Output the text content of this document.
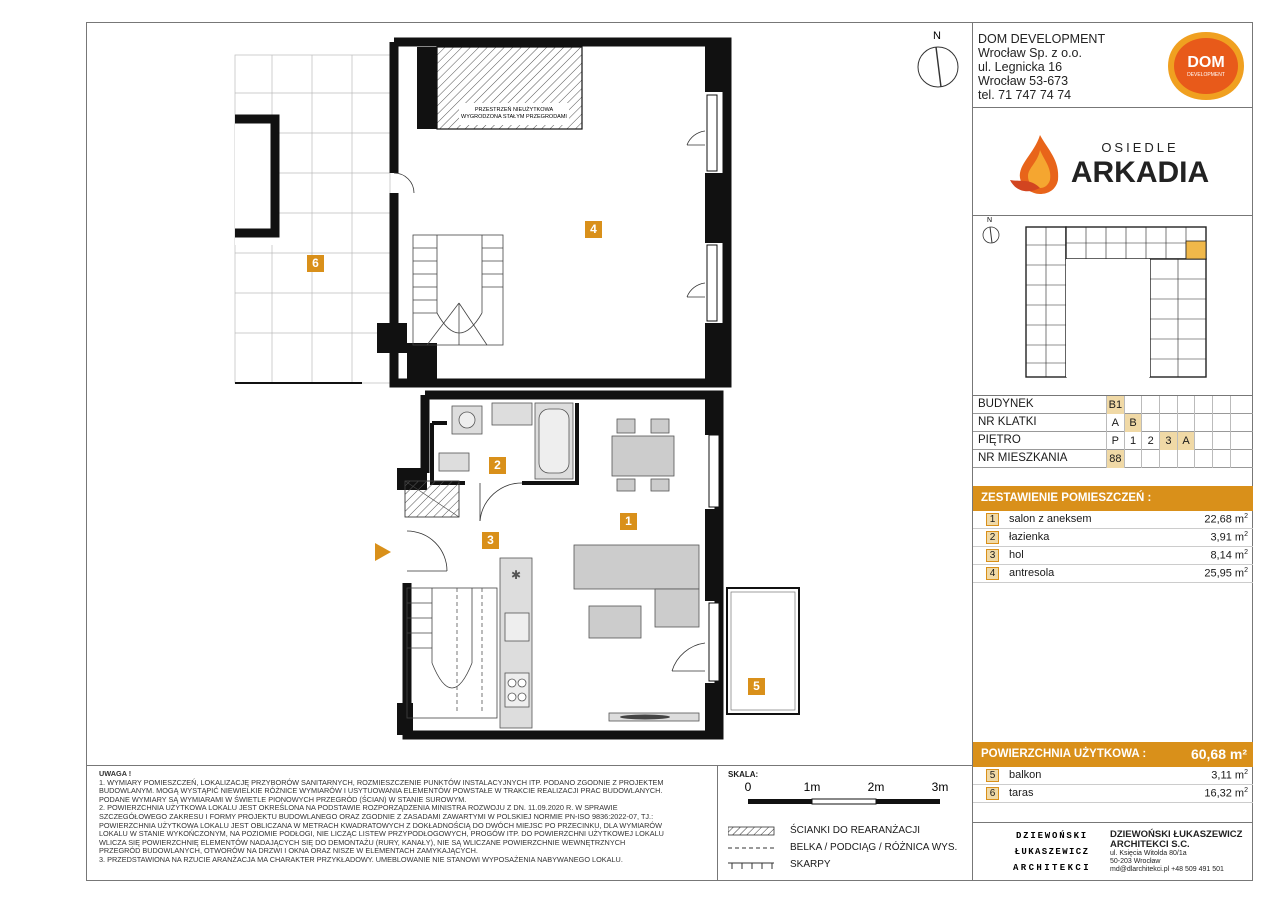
PRZESTRZEŃ NIEUŻYTKOWA
WYGRODZONA STAŁYM PRZEGRODAMI
✱
N
1
2
3
4
5
6
DOM DEVELOPMENT
Wrocław Sp. z o.o.
ul. Legnicka 16
Wrocław 53-673
tel. 71 747 74 74
DOM
DEVELOPMENT
OSIEDLE
ARKADIA
N
BUDYNEK	B1
NR KLATKI	A B
PIĘTRO	P 1	2	3 A
NR MIESZKANIA	88
ZESTAWIENIE POMIESZCZEŃ :
1	salon z aneksem	22,68 $m^2$
2	łazienka	3,91 $m^2$
3	hol	8,14 $m^2$
4	antresola	25,95 $m^2$
POWIERZCHNIA UŻYTKOWA :	60,68 m²
5	balkon	3,11 $m^2$
6	taras	16,32 $m^2$
UWAGA !
1. WYMIARY POMIESZCZEŃ, LOKALIZACJĘ PRZYBORÓW SANITARNYCH, ROZMIESZCZENIE PUNKTÓW INSTALACYJNYCH ITP. PODANO ZGODNIE Z PROJEKTEM
BUDOWLANYM. MOGĄ WYSTĄPIĆ NIEWIELKIE RÓŻNICE WYMIARÓW I USYTUOWANIA ELEMENTÓW POWSTAŁE W TRAKCIE REALIZACJI PRAC BUDOWLANYCH.
PODANE WYMIARY SĄ WYMIARAMI W ŚWIETLE PIONOWYCH PRZEGRÓD (ŚCIAN) W STANIE SUROWYM.
2. POWIERZCHNIA UŻYTKOWA LOKALU JEST OKREŚLONA NA PODSTAWIE ROZPORZĄDZENIA MINISTRA ROZWOJU Z DN. 11.09.2020 R. W SPRAWIE
SZCZEGÓŁOWEGO ZAKRESU I FORMY PROJEKTU BUDOWLANEGO ORAZ ZGODNIE Z ZASADAMI ZAWARTYMI W POLSKIEJ NORMIE PN-ISO 9836:2022-07, TJ.:
POWIERZCHNIA UŻYTKOWA LOKALU JEST OBLICZANA W METRACH KWADRATOWYCH Z DOKŁADNOŚCIĄ DO DWÓCH MIEJSC PO PRZECINKU, DLA WYMIARÓW
LOKALU W STANIE WYKOŃCZONYM, NA POZIOMIE PODŁOGI, NIE LICZĄC LISTEW PRZYPODŁOGOWYCH, PROGÓW ITP. DO POWIERZCHNI UŻYTKOWEJ LOKALU
WLICZA SIĘ POWIERZCHNIĘ ELEMENTÓW NADAJĄCYCH SIĘ DO DEMONTAŻU (RURY, KANAŁY), NIE SĄ WLICZANE POWIERZCHNIE WEWNĘTRZNYCH
PRZEGRÓD BUDOWLANYCH, OTWORÓW NA DRZWI I OKNA ORAZ NISZE W ELEMENTACH ZAMYKAJĄCYCH.
3. PRZEDSTAWIONA NA RZUCIE ARANŻACJA MA CHARAKTER PRZYKŁADOWY. UMEBLOWANIE NIE STANOWI WYPOSAŻENIA NABYWANEGO LOKALU.
SKALA:
0	1m	2m	3m
ŚCIANKI DO REARANŻACJI
BELKA / PODCIĄG / RÓŻNICA WYS.
SKARPY
DZIEWOŃSKI
ŁUKASZEWICZ
ARCHITEKCI
DZIEWOŃSKI ŁUKASZEWICZ
ARCHITEKCI S.C.
ul. Księcia Witolda 80/1a
50-203 Wrocław
md@dlarchitekci.pl +48 509 491 501
